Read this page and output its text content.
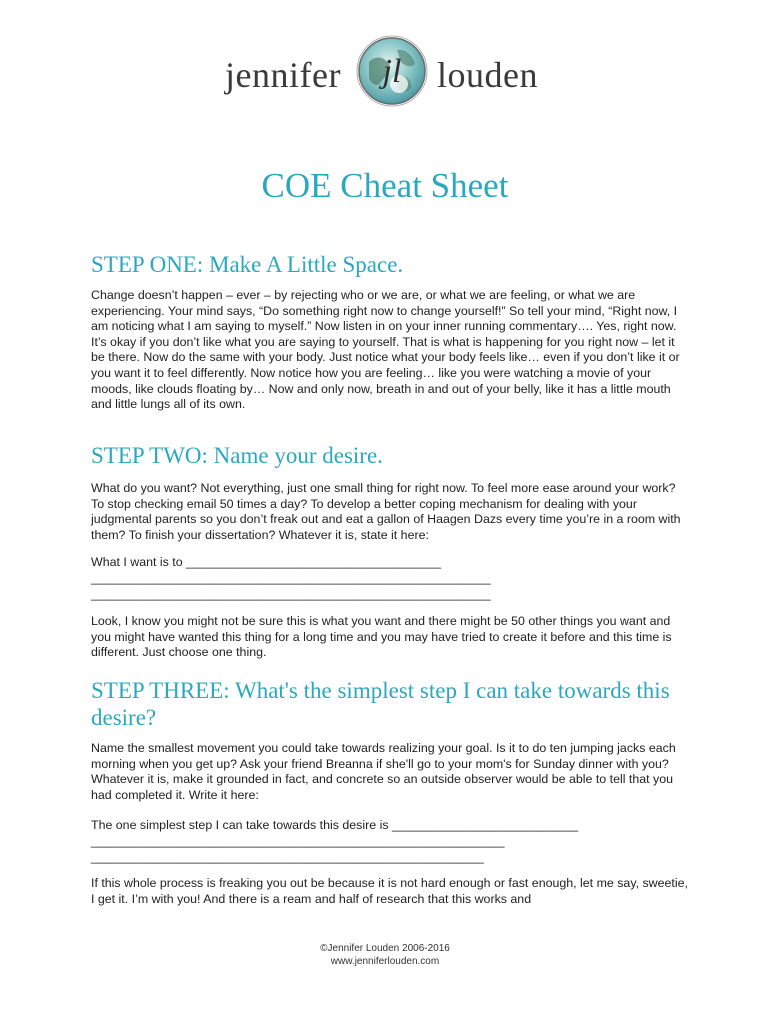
jennifer jl louden
COE Cheat Sheet
STEP ONE: Make A Little Space.

Change doesn’t happen – ever – by rejecting who or we are, or what we are feeling, or what we are experiencing. Your mind says, “Do something right now to change yourself!” So tell your mind, “Right now, I am noticing what I am saying to myself.” Now listen in on your inner running commentary…. Yes, right now. It’s okay if you don’t like what you are saying to yourself. That is what is happening for you right now – let it be there. Now do the same with your body. Just notice what your body feels like… even if you don’t like it or you want it to feel differently. Now notice how you are feeling… like you were watching a movie of your moods, like clouds floating by… Now and only now, breath in and out of your belly, like it has a little mouth and little lungs all of its own.

STEP TWO: Name your desire.

What do you want? Not everything, just one small thing for right now. To feel more ease around your work? To stop checking email 50 times a day? To develop a better coping mechanism for dealing with your judgmental parents so you don’t freak out and eat a gallon of Haagen Dazs every time you’re in a room with them? To finish your dissertation? Whatever it is, state it here:

What I want is to _____________________________________
__________________________________________________________
__________________________________________________________

Look, I know you might not be sure this is what you want and there might be 50 other things you want and you might have wanted this thing for a long time and you may have tried to create it before and this time is different. Just choose one thing.

STEP THREE: What's the simplest step I can take towards this desire?

Name the smallest movement you could take towards realizing your goal. Is it to do ten jumping jacks each morning when you get up? Ask your friend Breanna if she'll go to your mom's for Sunday dinner with you? Whatever it is, make it grounded in fact, and concrete so an outside observer would be able to tell that you had completed it. Write it here:

The one simplest step I can take towards this desire is ___________________________
____________________________________________________________
_________________________________________________________

If this whole process is freaking you out be because it is not hard enough or fast enough, let me say, sweetie, I get it. I’m with you! And there is a ream and half of research that this works and

©Jennifer Louden 2006-2016
www.jenniferlouden.com
